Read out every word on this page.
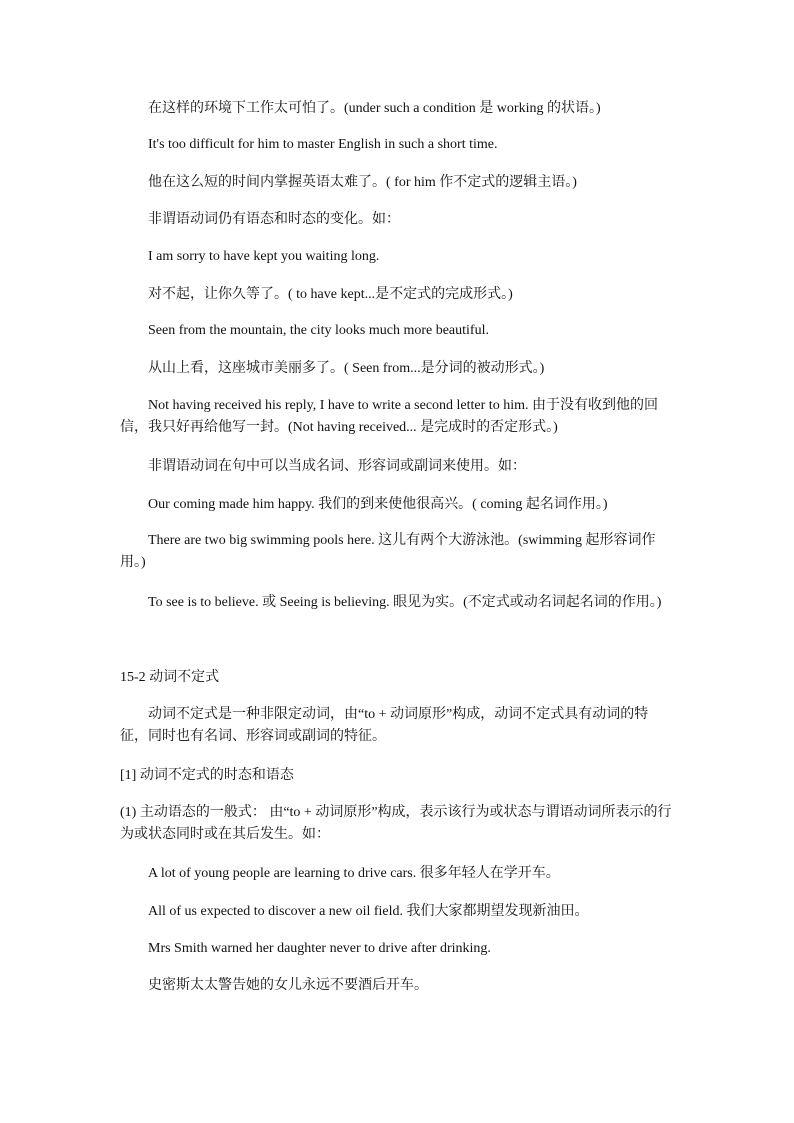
在这样的环境下工作太可怕了。(under such a condition 是 working 的状语。)
It's too difficult for him to master English in such a short time.
他在这么短的时间内掌握英语太难了。( for him 作不定式的逻辑主语。)
非谓语动词仍有语态和时态的变化。如：
I am sorry to have kept you waiting long.
对不起，让你久等了。( to have kept...是不定式的完成形式。)
Seen from the mountain, the city looks much more beautiful.
从山上看，这座城市美丽多了。( Seen from...是分词的被动形式。)
Not having received his reply, I have to write a second letter to him. 由于没有收到他的回信，我只好再给他写一封。(Not having received... 是完成时的否定形式。)
非谓语动词在句中可以当成名词、形容词或副词来使用。如：
Our coming made him happy. 我们的到来使他很高兴。( coming 起名词作用。)
There are two big swimming pools here. 这儿有两个大游泳池。(swimming 起形容词作用。)
To see is to believe. 或 Seeing is believing. 眼见为实。(不定式或动名词起名词的作用。)
15-2 动词不定式
动词不定式是一种非限定动词，由“to + 动词原形”构成，动词不定式具有动词的特征，同时也有名词、形容词或副词的特征。
[1] 动词不定式的时态和语态
(1) 主动语态的一般式： 由“to + 动词原形”构成，表示该行为或状态与谓语动词所表示的行为或状态同时或在其后发生。如：
A lot of young people are learning to drive cars. 很多年轻人在学开车。
All of us expected to discover a new oil field. 我们大家都期望发现新油田。
Mrs Smith warned her daughter never to drive after drinking.
史密斯太太警告她的女儿永远不要酒后开车。
